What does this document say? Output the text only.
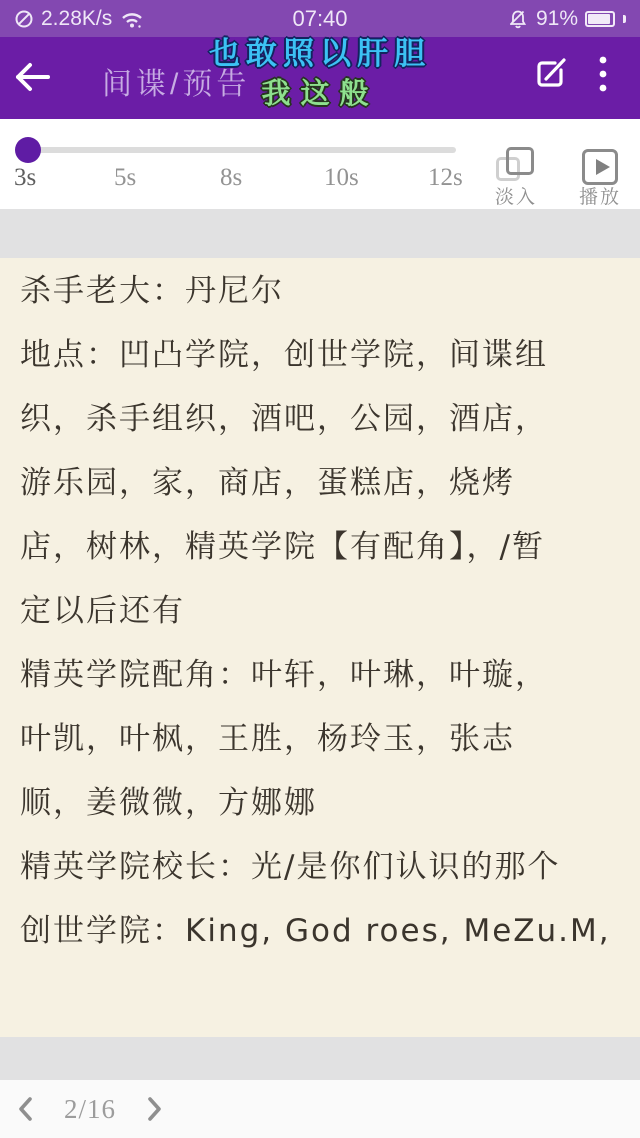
2.28K/s	07:40	91%
间谍/预告
也敢照以肝胆
我这般
3s	5s	8s	10s	12s
淡入	播放
杀手老大：丹尼尔
地点：凹凸学院，创世学院，间谍组
织，杀手组织，酒吧，公园，酒店，
游乐园，家，商店，蛋糕店，烧烤
店，树林，精英学院【有配角】，/暂
定以后还有
精英学院配角：叶轩，叶琳，叶璇，
叶凯，叶枫，王胜，杨玲玉，张志
顺，姜微微，方娜娜
精英学院校长：光/是你们认识的那个
创世学院：King, God roes, MeZu.M,
2/16
